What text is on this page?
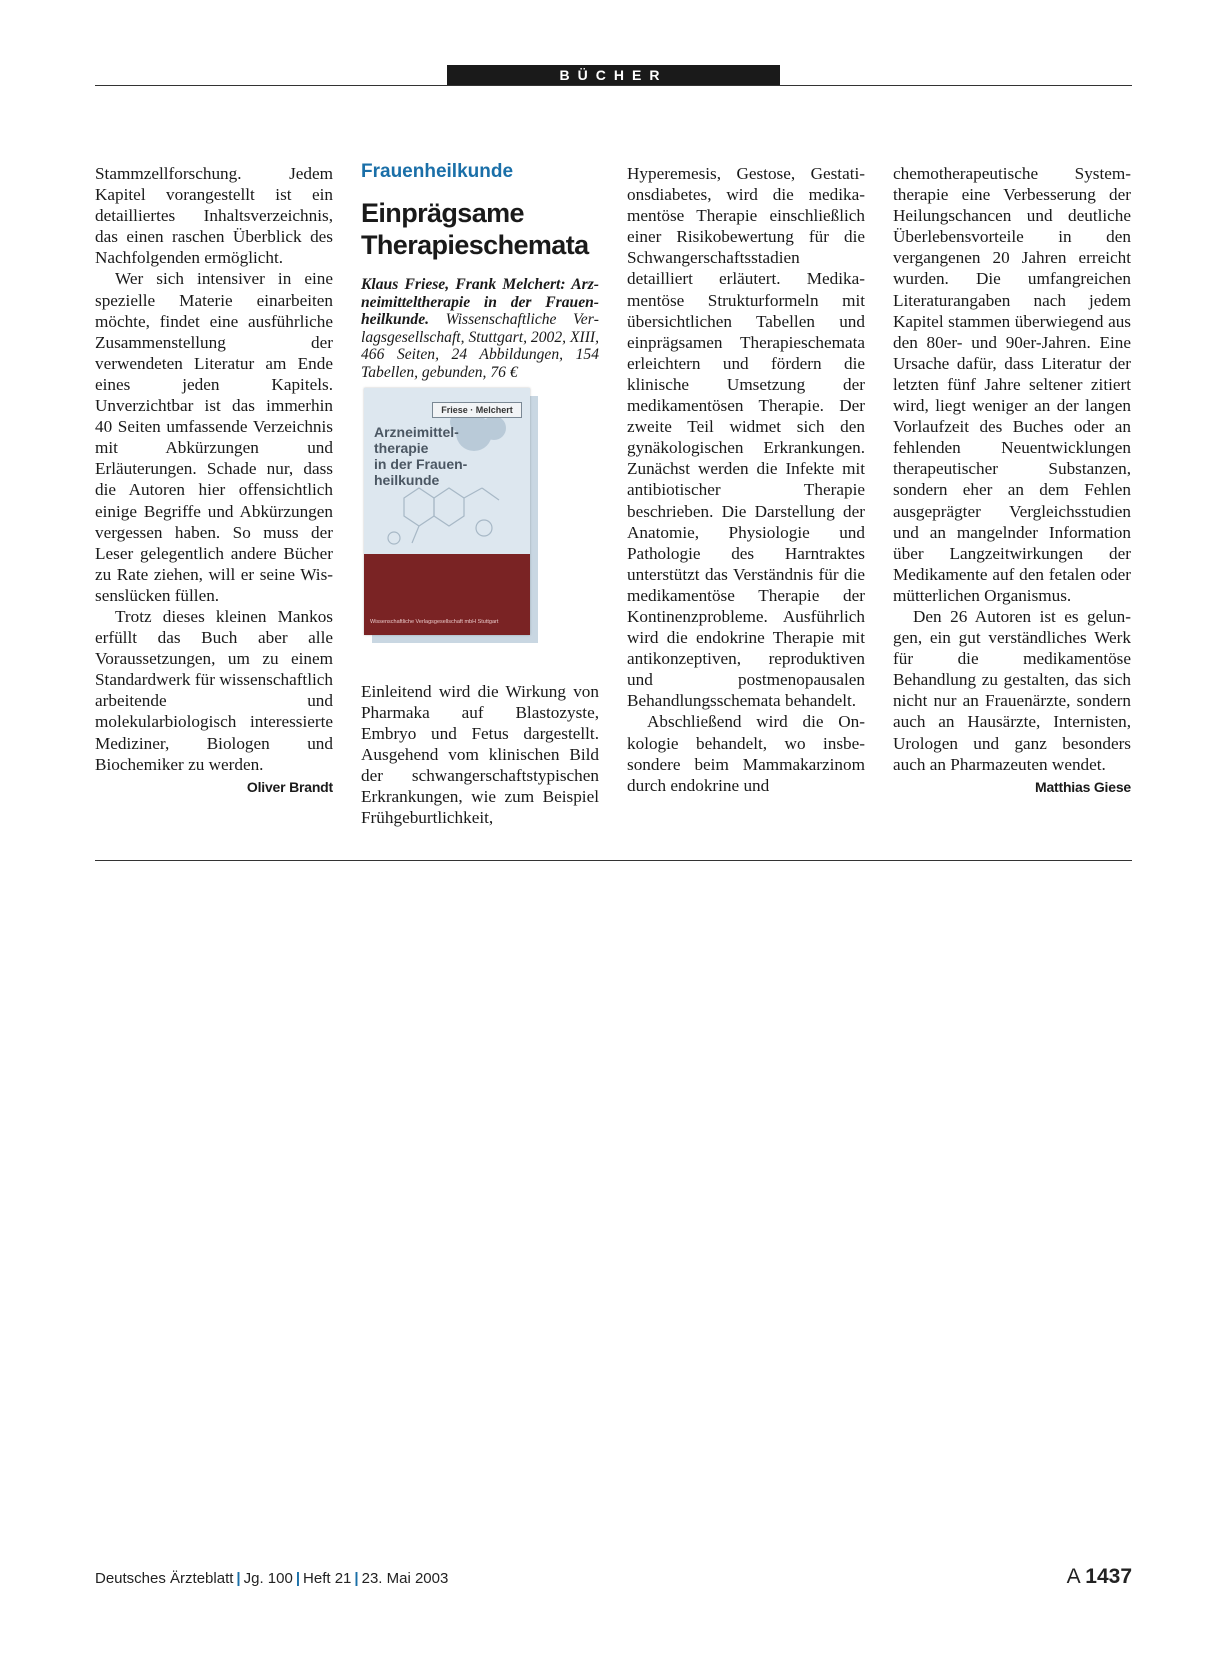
BÜCHER

Stammzellforschung. Jedem Kapitel vorangestellt ist ein detailliertes Inhaltsverzeichnis, das einen raschen Überblick des Nachfolgenden ermöglicht.

Wer sich intensiver in eine spezielle Materie einarbeiten möchte, findet eine ausführliche Zusammenstellung der verwendeten Literatur am Ende eines jeden Kapitels. Unverzichtbar ist das immerhin 40 Seiten umfassende Verzeichnis mit Abkürzungen und Erläuterungen. Schade nur, dass die Autoren hier offensichtlich einige Begriffe und Abkürzungen vergessen haben. So muss der Leser gelegentlich andere Bücher zu Rate ziehen, will er seine Wissenslücken füllen.

Trotz dieses kleinen Mankos erfüllt das Buch aber alle Voraussetzungen, um zu einem Standardwerk für wissenschaftlich arbeitende und molekularbiologisch interessierte Mediziner, Biologen und Biochemiker zu werden.
Oliver Brandt

Frauenheilkunde
Einprägsame
Therapieschemata

Klaus Friese, Frank Melchert: Arzneimitteltherapie in der Frauenheilkunde. Wissenschaftliche Verlagsgesellschaft, Stuttgart, 2002, XIII, 466 Seiten, 24 Abbildungen, 154 Tabellen, gebunden, 76 €

Friese · Melchert
Arzneimittel-
therapie
in der Frauen-
heilkunde
Wissenschaftliche Verlagsgesellschaft mbH Stuttgart

Einleitend wird die Wirkung von Pharmaka auf Blastozyste, Embryo und Fetus dargestellt. Ausgehend vom klinischen Bild der schwangerschaftstypischen Erkrankungen, wie zum Beispiel Frühgeburtlichkeit,

Hyperemesis, Gestose, Gestationsdiabetes, wird die medikamentöse Therapie einschließlich einer Risikobewertung für die Schwangerschaftsstadien detailliert erläutert. Medikamentöse Strukturformeln mit übersichtlichen Tabellen und einprägsamen Therapieschemata erleichtern und fördern die klinische Umsetzung der medikamentösen Therapie. Der zweite Teil widmet sich den gynäkologischen Erkrankungen. Zunächst werden die Infekte mit antibiotischer Therapie beschrieben. Die Darstellung der Anatomie, Physiologie und Pathologie des Harntraktes unterstützt das Verständnis für die medikamentöse Therapie der Kontinenzprobleme. Ausführlich wird die endokrine Therapie mit antikonzeptiven, reproduktiven und postmenopausalen Behandlungsschemata behandelt.

Abschließend wird die Onkologie behandelt, wo insbesondere beim Mammakarzinom durch endokrine und

chemotherapeutische Systemtherapie eine Verbesserung der Heilungschancen und deutliche Überlebensvorteile in den vergangenen 20 Jahren erreicht wurden. Die umfangreichen Literaturangaben nach jedem Kapitel stammen überwiegend aus den 80er- und 90er-Jahren. Eine Ursache dafür, dass Literatur der letzten fünf Jahre seltener zitiert wird, liegt weniger an der langen Vorlaufzeit des Buches oder an fehlenden Neuentwicklungen therapeutischer Substanzen, sondern eher an dem Fehlen ausgeprägter Vergleichsstudien und an mangelnder Information über Langzeitwirkungen der Medikamente auf den fetalen oder mütterlichen Organismus.

Den 26 Autoren ist es gelungen, ein gut verständliches Werk für die medikamentöse Behandlung zu gestalten, das sich nicht nur an Frauenärzte, sondern auch an Hausärzte, Internisten, Urologen und ganz besonders auch an Pharmazeuten wendet.
Matthias Giese

Deutsches Ärzteblatt | Jg. 100 | Heft 21 | 23. Mai 2003	A 1437
